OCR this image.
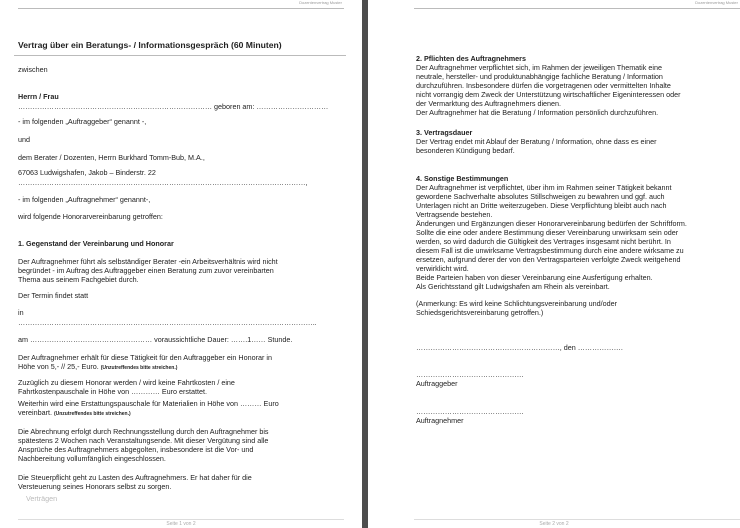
Dozentenvertrag Muster
Vertrag über ein Beratungs- / Informationsgespräch (60 Minuten)
zwischen
Herrn / Frau
……………………………………………………………………… geboren am: …………………………
- im folgenden „Auftraggeber“ genannt -,
und
dem Berater / Dozenten, Herrn Burkhard Tomm-Bub, M.A.,
67063 Ludwigshafen, Jakob – Binderstr. 22
…………………………………………………………………………………………………………,
- im folgenden „Auftragnehmer“ genannt-,
wird folgende Honorarvereinbarung getroffen:
1. Gegenstand der Vereinbarung und Honorar
Der Auftragnehmer führt als selbständiger Berater -ein Arbeitsverhältnis wird nicht
begründet - im Auftrag des Auftraggeber einen Beratung zum zuvor vereinbarten
Thema aus seinem Fachgebiet durch.
Der Termin findet statt
in
……………………………………………………………………………………………………………..
am …………………………………………… voraussichtliche Dauer: …….1…… Stunde.
Der Auftragnehmer erhält für diese Tätigkeit für den Auftraggeber ein Honorar in
Höhe von 5,- // 25,- Euro. (Unzutreffendes bitte streichen.)
Zuzüglich zu diesem Honorar werden / wird keine Fahrtkosten / eine
Fahrtkostenpauschale in Höhe von ………… Euro erstattet.
Weiterhin wird eine Erstattungspauschale für Materialien in Höhe von ……… Euro
vereinbart. (Unzutreffendes bitte streichen.)
Die Abrechnung erfolgt durch Rechnungsstellung durch den Auftragnehmer bis
spätestens 2 Wochen nach Veranstaltungsende. Mit dieser Vergütung sind alle
Ansprüche des Auftragnehmers abgegolten, insbesondere ist die Vor- und
Nachbereitung vollumfänglich eingeschlossen.
Die Steuerpflicht geht zu Lasten des Auftragnehmers. Er hat daher für die
Versteuerung seines Honorars selbst zu sorgen.
Verträgen
Seite 1 von 2
Dozentenvertrag Muster
2. Pflichten des Auftragnehmers
Der Auftragnehmer verpflichtet sich, im Rahmen der jeweiligen Thematik eine
neutrale, hersteller- und produktunabhängige fachliche Beratung / Information
durchzuführen. Insbesondere dürfen die vorgetragenen oder vermittelten Inhalte
nicht vorrangig dem Zweck der Unterstützung wirtschaftlicher Eigeninteressen oder
der Vermarktung des Auftragnehmers dienen.
Der Auftragnehmer hat die Beratung / Information persönlich durchzuführen.
3. Vertragsdauer
Der Vertrag endet mit Ablauf der Beratung / Information, ohne dass es einer
besonderen Kündigung bedarf.
4. Sonstige Bestimmungen
Der Auftragnehmer ist verpflichtet, über ihm im Rahmen seiner Tätigkeit bekannt
gewordene Sachverhalte absolutes Stillschweigen zu bewahren und ggf. auch
Unterlagen nicht an Dritte weiterzugeben. Diese Verpflichtung bleibt auch nach
Vertragsende bestehen.
Änderungen und Ergänzungen dieser Honorarvereinbarung bedürfen der Schriftform.
Sollte die eine oder andere Bestimmung dieser Vereinbarung unwirksam sein oder
werden, so wird dadurch die Gültigkeit des Vertrages insgesamt nicht berührt. In
diesem Fall ist die unwirksame Vertragsbestimmung durch eine andere wirksame zu
ersetzen, aufgrund derer der von den Vertragsparteien verfolgte Zweck weitgehend
verwirklicht wird.
Beide Parteien haben von dieser Vereinbarung eine Ausfertigung erhalten.
Als Gerichtsstand gilt Ludwigshafen am Rhein als vereinbart.
(Anmerkung: Es wird keine Schlichtungsvereinbarung und/oder
Schiedsgerichtsvereinbarung getroffen.)
……………………………………………………, den ……………….
………………………………………
Auftraggeber
………………………………………
Auftragnehmer
Seite 2 von 2
